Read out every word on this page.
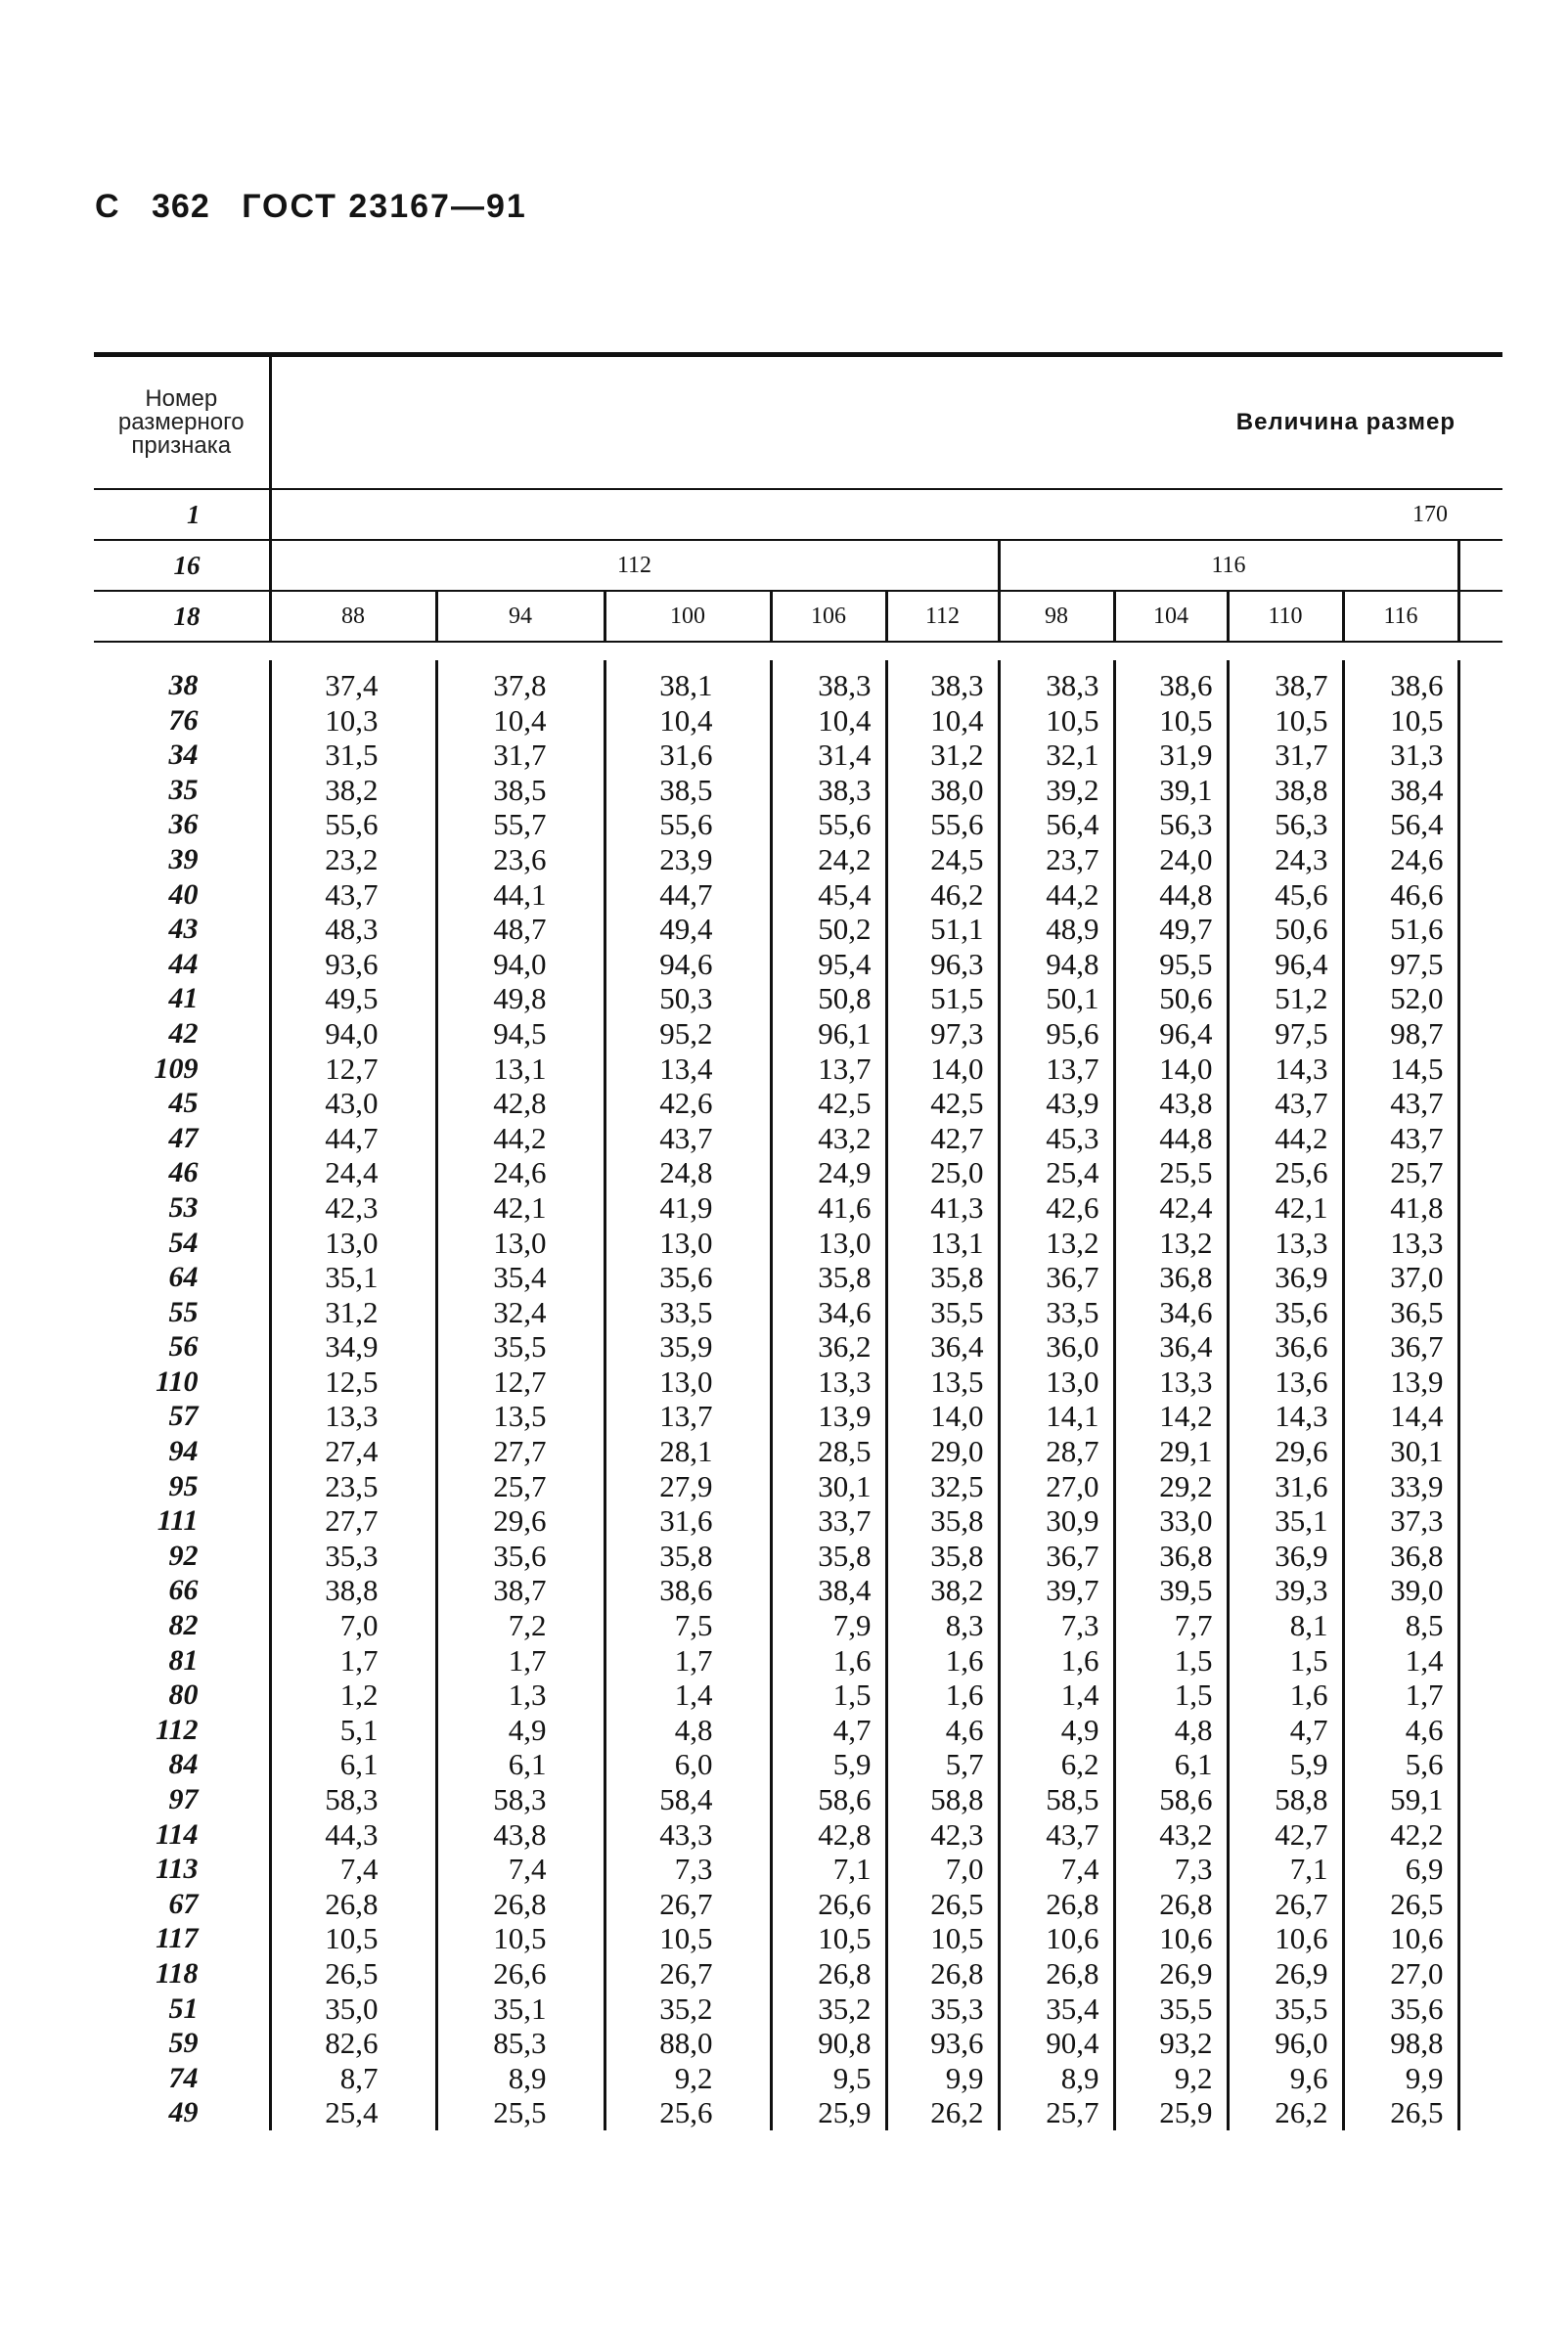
С 362 ГОСТ 23167—91
Номер размерного признака	Величина размер									
1	170									
16	112					116				
18	88	94	100	106	112	98	104	110	116	

38	37,4	37,8	38,1	38,3	38,3	38,3	38,6	38,7	38,6	
76	10,3	10,4	10,4	10,4	10,4	10,5	10,5	10,5	10,5	
34	31,5	31,7	31,6	31,4	31,2	32,1	31,9	31,7	31,3	
35	38,2	38,5	38,5	38,3	38,0	39,2	39,1	38,8	38,4	
36	55,6	55,7	55,6	55,6	55,6	56,4	56,3	56,3	56,4	
39	23,2	23,6	23,9	24,2	24,5	23,7	24,0	24,3	24,6	
40	43,7	44,1	44,7	45,4	46,2	44,2	44,8	45,6	46,6	
43	48,3	48,7	49,4	50,2	51,1	48,9	49,7	50,6	51,6	
44	93,6	94,0	94,6	95,4	96,3	94,8	95,5	96,4	97,5	
41	49,5	49,8	50,3	50,8	51,5	50,1	50,6	51,2	52,0	
42	94,0	94,5	95,2	96,1	97,3	95,6	96,4	97,5	98,7	
109	12,7	13,1	13,4	13,7	14,0	13,7	14,0	14,3	14,5	
45	43,0	42,8	42,6	42,5	42,5	43,9	43,8	43,7	43,7	
47	44,7	44,2	43,7	43,2	42,7	45,3	44,8	44,2	43,7	
46	24,4	24,6	24,8	24,9	25,0	25,4	25,5	25,6	25,7	
53	42,3	42,1	41,9	41,6	41,3	42,6	42,4	42,1	41,8	
54	13,0	13,0	13,0	13,0	13,1	13,2	13,2	13,3	13,3	
64	35,1	35,4	35,6	35,8	35,8	36,7	36,8	36,9	37,0	
55	31,2	32,4	33,5	34,6	35,5	33,5	34,6	35,6	36,5	
56	34,9	35,5	35,9	36,2	36,4	36,0	36,4	36,6	36,7	
110	12,5	12,7	13,0	13,3	13,5	13,0	13,3	13,6	13,9	
57	13,3	13,5	13,7	13,9	14,0	14,1	14,2	14,3	14,4	
94	27,4	27,7	28,1	28,5	29,0	28,7	29,1	29,6	30,1	
95	23,5	25,7	27,9	30,1	32,5	27,0	29,2	31,6	33,9	
111	27,7	29,6	31,6	33,7	35,8	30,9	33,0	35,1	37,3	
92	35,3	35,6	35,8	35,8	35,8	36,7	36,8	36,9	36,8	
66	38,8	38,7	38,6	38,4	38,2	39,7	39,5	39,3	39,0	
82	7,0	7,2	7,5	7,9	8,3	7,3	7,7	8,1	8,5	
81	1,7	1,7	1,7	1,6	1,6	1,6	1,5	1,5	1,4	
80	1,2	1,3	1,4	1,5	1,6	1,4	1,5	1,6	1,7	
112	5,1	4,9	4,8	4,7	4,6	4,9	4,8	4,7	4,6	
84	6,1	6,1	6,0	5,9	5,7	6,2	6,1	5,9	5,6	
97	58,3	58,3	58,4	58,6	58,8	58,5	58,6	58,8	59,1	
114	44,3	43,8	43,3	42,8	42,3	43,7	43,2	42,7	42,2	
113	7,4	7,4	7,3	7,1	7,0	7,4	7,3	7,1	6,9	
67	26,8	26,8	26,7	26,6	26,5	26,8	26,8	26,7	26,5	
117	10,5	10,5	10,5	10,5	10,5	10,6	10,6	10,6	10,6	
118	26,5	26,6	26,7	26,8	26,8	26,8	26,9	26,9	27,0	
51	35,0	35,1	35,2	35,2	35,3	35,4	35,5	35,5	35,6	
59	82,6	85,3	88,0	90,8	93,6	90,4	93,2	96,0	98,8	
74	8,7	8,9	9,2	9,5	9,9	8,9	9,2	9,6	9,9	
49	25,4	25,5	25,6	25,9	26,2	25,7	25,9	26,2	26,5	
